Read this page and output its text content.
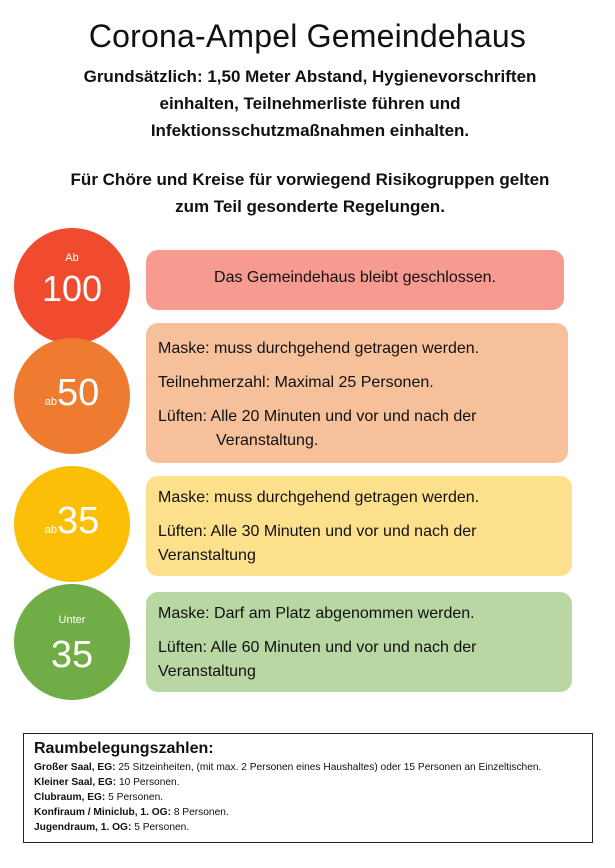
Corona-Ampel Gemeindehaus

Grundsätzlich: 1,50 Meter Abstand, Hygienevorschriften

einhalten, Teilnehmerliste führen und

Infektionsschutzmaßnahmen einhalten.

Für Chöre und Kreise für vorwiegend Risikogruppen gelten

zum Teil gesonderte Regelungen.

Ab
100	Das Gemeindehaus bleibt geschlossen.

ab50

Maske: muss durchgehend getragen werden.

Teilnehmerzahl: Maximal 25 Personen.

Lüften: Alle 20 Minuten und vor und nach der

Veranstaltung.

ab35

Maske: muss durchgehend getragen werden.

Lüften: Alle 30 Minuten und vor und nach der

Veranstaltung

Unter
35

Maske: Darf am Platz abgenommen werden.

Lüften: Alle 60 Minuten und vor und nach der

Veranstaltung

Raumbelegungszahlen:
Großer Saal, EG: 25 Sitzeinheiten, (mit max. 2 Personen eines Haushaltes) oder 15 Personen an Einzeltischen.
Kleiner Saal, EG: 10 Personen.
Clubraum, EG: 5 Personen.
Konfiraum / Miniclub, 1. OG: 8 Personen.
Jugendraum, 1. OG: 5 Personen.
